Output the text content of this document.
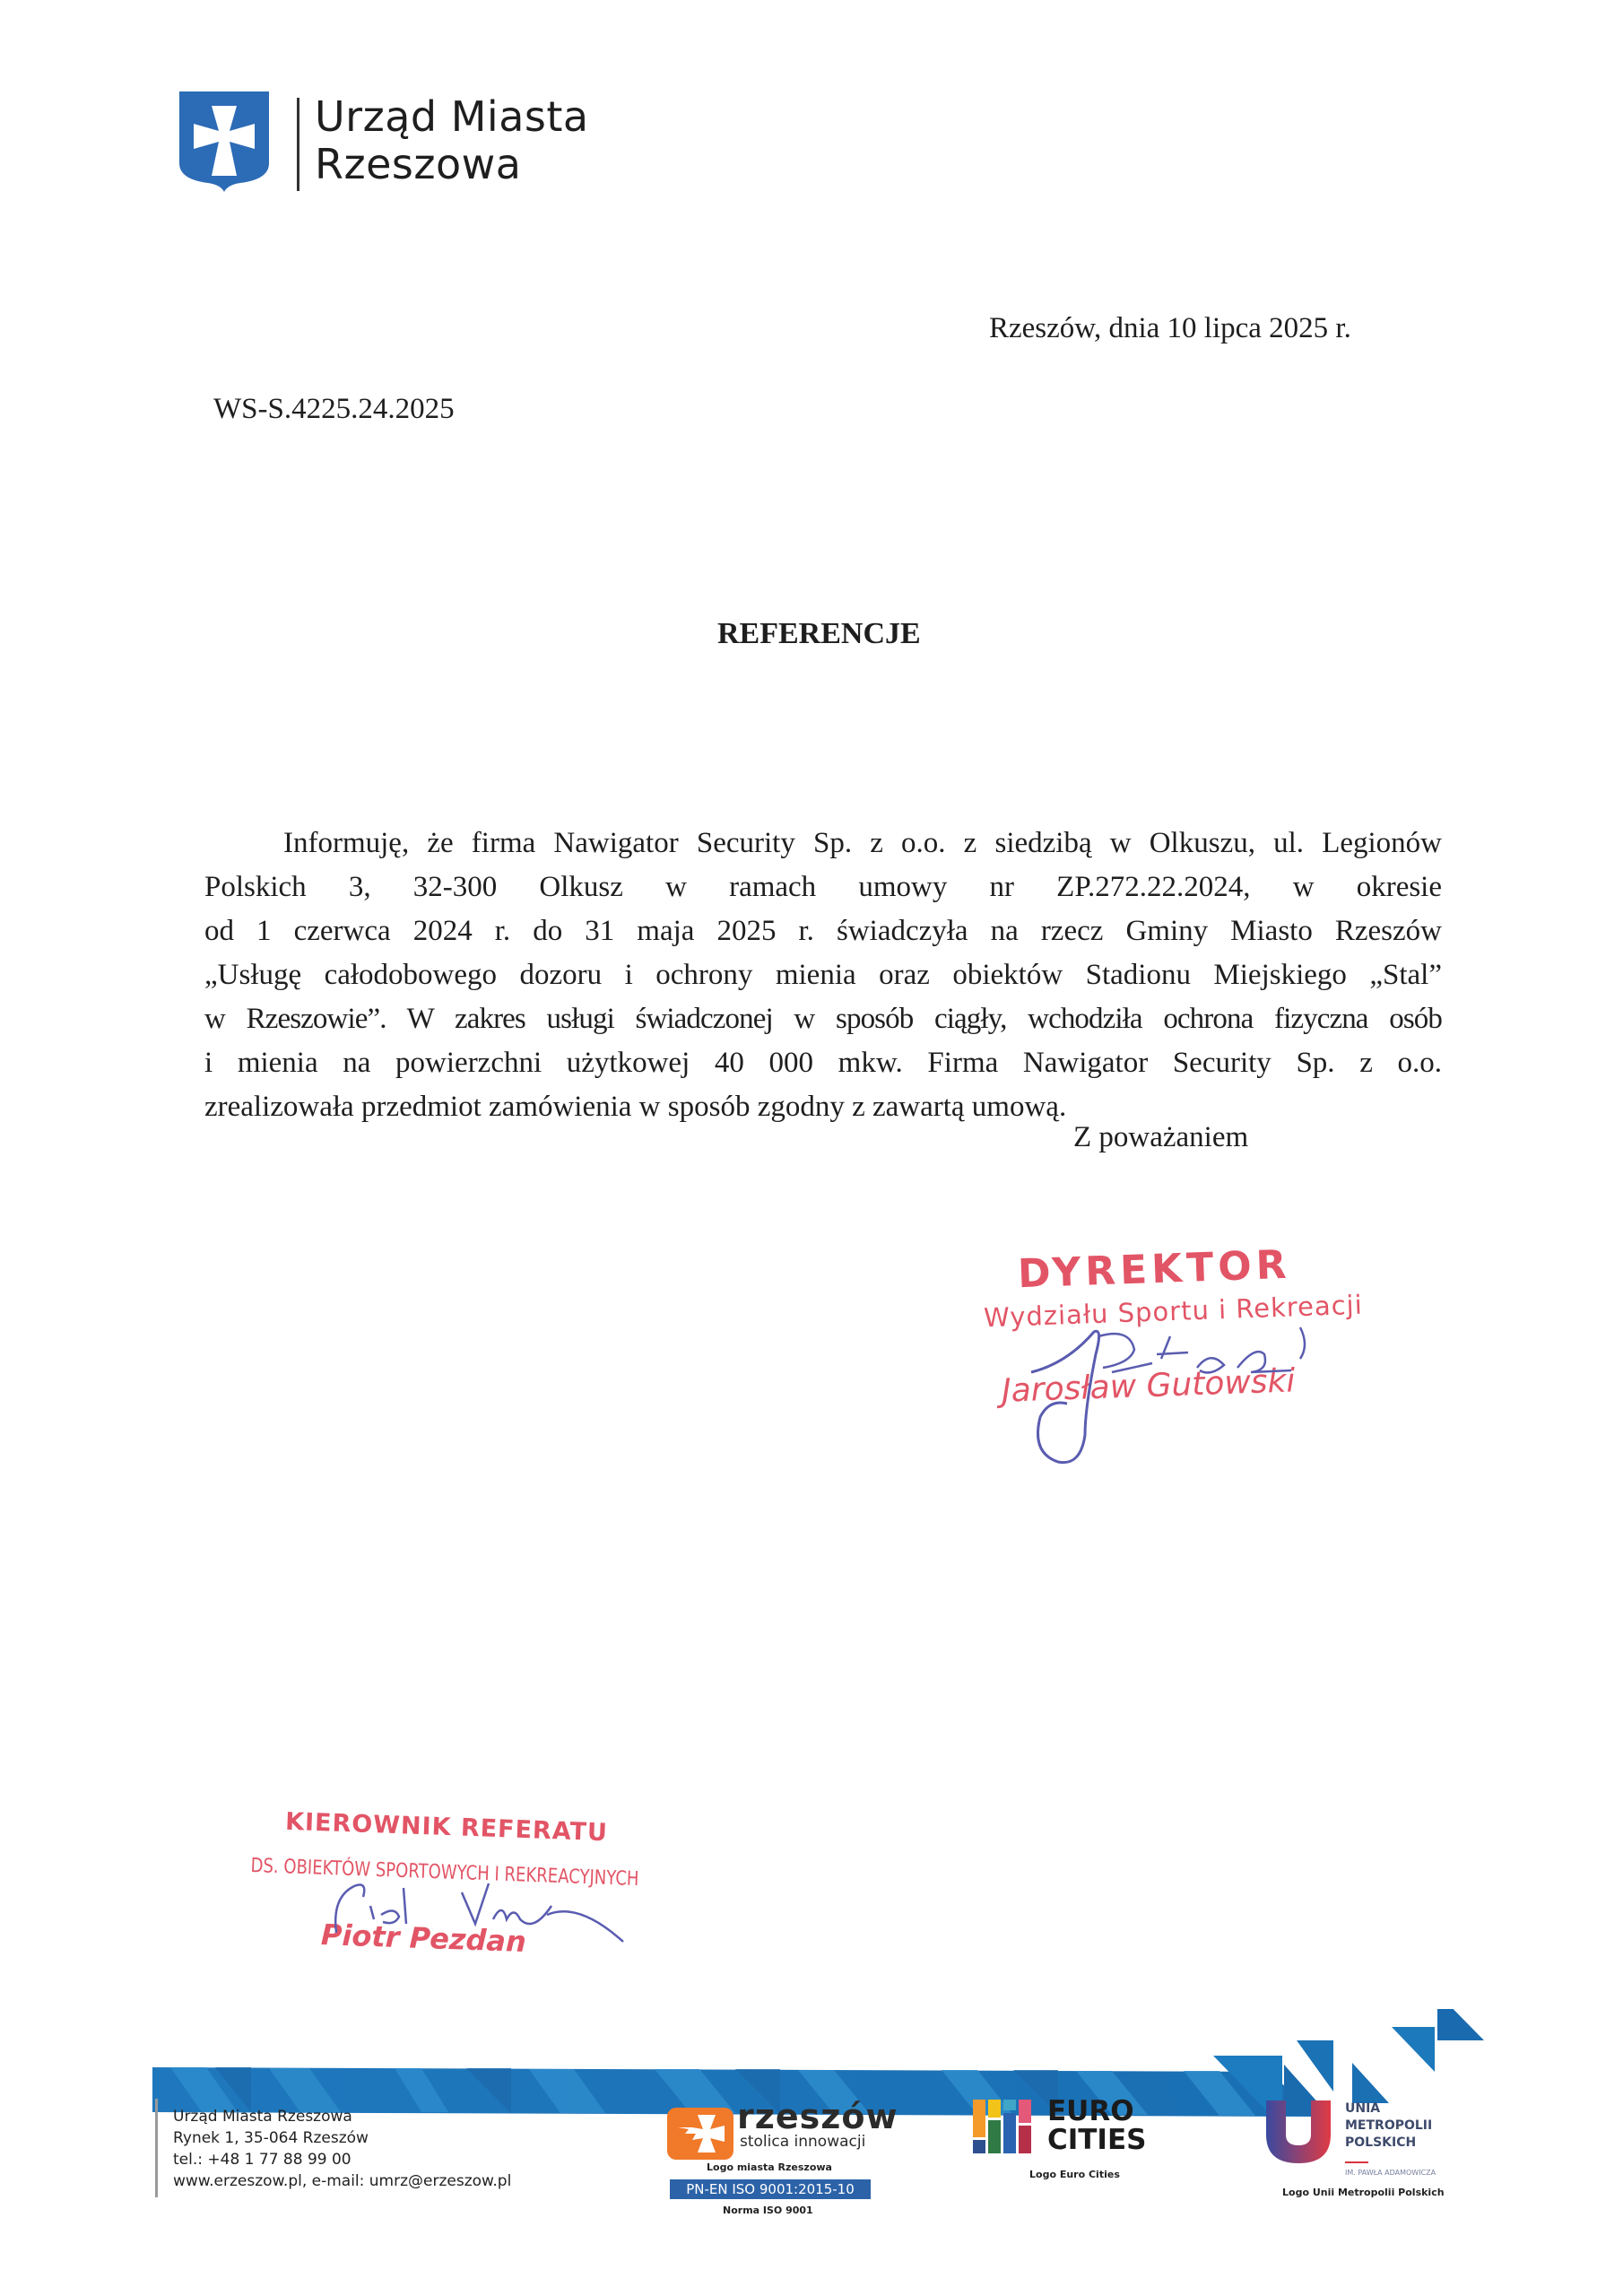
Urząd Miasta
Rzeszowa
Rzeszów, dnia 10 lipca 2025 r.
WS-S.4225.24.2025
REFERENCJE
Informuję, że firma Nawigator Security Sp. z o.o. z siedzibą w Olkuszu, ul. Legionów
Polskich 3, 32-300 Olkusz w ramach umowy nr ZP.272.22.2024, w okresie
od 1 czerwca 2024 r. do 31 maja 2025 r. świadczyła na rzecz Gminy Miasto Rzeszów
„Usługę całodobowego dozoru i ochrony mienia oraz obiektów Stadionu Miejskiego „Stal”
w Rzeszowie”. W zakres usługi świadczonej w sposób ciągły, wchodziła ochrona fizyczna osób
i mienia na powierzchni użytkowej 40 000 mkw. Firma Nawigator Security Sp. z o.o.
zrealizowała przedmiot zamówienia w sposób zgodny z zawartą umową.
Z poważaniem
DYREKTOR
Wydziału Sportu i Rekreacji
Jarosław Gutowski
KIEROWNIK REFERATU
DS. OBIEKTÓW SPORTOWYCH I REKREACYJNYCH
Piotr Pezdan
Urząd Miasta Rzeszowa
Rynek 1, 35-064 Rzeszów
tel.: +48 1 77 88 99 00
www.erzeszow.pl, e-mail: umrz@erzeszow.pl
rzeszów
stolica innowacji
Logo miasta Rzeszowa
PN-EN ISO 9001:2015-10
Norma ISO 9001
EURO
CITIES
Logo Euro Cities
UNIA
METROPOLII
POLSKICH
IM. PAWŁA ADAMOWICZA
Logo Unii Metropolii Polskich
